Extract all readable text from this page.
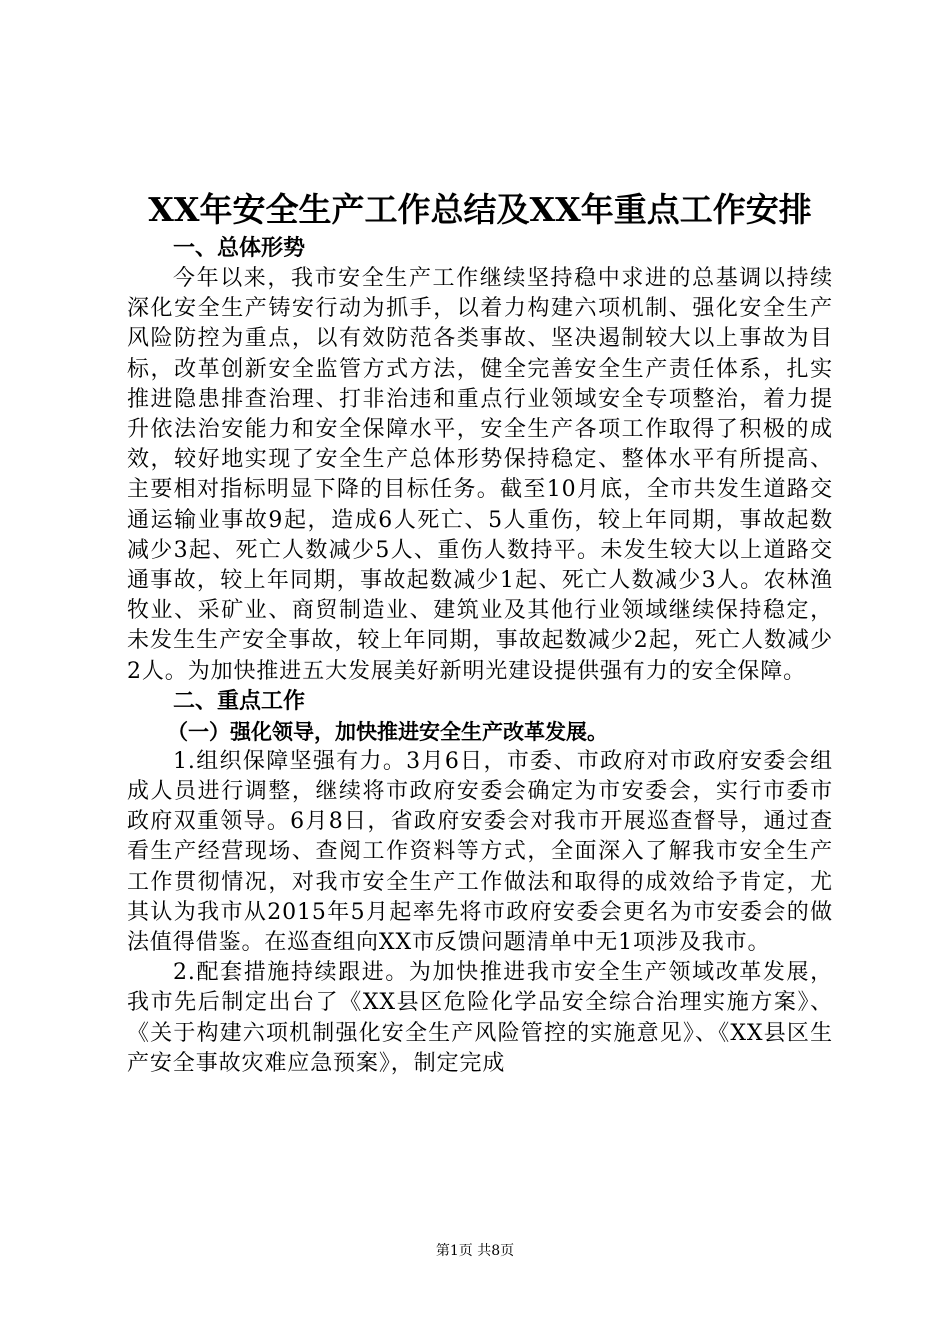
XX年安全生产工作总结及XX年重点工作安排
一、总体形势

今年以来，我市安全生产工作继续坚持稳中求进的总基调以持续深化安全生产铸安行动为抓手，以着力构建六项机制、强化安全生产风险防控为重点，以有效防范各类事故、坚决遏制较大以上事故为目标，改革创新安全监管方式方法，健全完善安全生产责任体系，扎实推进隐患排查治理、打非治违和重点行业领域安全专项整治，着力提升依法治安能力和安全保障水平，安全生产各项工作取得了积极的成效，较好地实现了安全生产总体形势保持稳定、整体水平有所提高、主要相对指标明显下降的目标任务。截至10月底，全市共发生道路交通运输业事故9起，造成6人死亡、5人重伤，较上年同期，事故起数减少3起、死亡人数减少5人、重伤人数持平。未发生较大以上道路交通事故，较上年同期，事故起数减少1起、死亡人数减少3人。农林渔牧业、采矿业、商贸制造业、建筑业及其他行业领域继续保持稳定，未发生生产安全事故，较上年同期，事故起数减少2起，死亡人数减少2人。为加快推进五大发展美好新明光建设提供强有力的安全保障。

二、重点工作
（一）强化领导，加快推进安全生产改革发展。

1.组织保障坚强有力。3月6日，市委、市政府对市政府安委会组成人员进行调整，继续将市政府安委会确定为市安委会，实行市委市政府双重领导。6月8日，省政府安委会对我市开展巡查督导，通过查看生产经营现场、查阅工作资料等方式，全面深入了解我市安全生产工作贯彻情况，对我市安全生产工作做法和取得的成效给予肯定，尤其认为我市从2015年5月起率先将市政府安委会更名为市安委会的做法值得借鉴。在巡查组向XX市反馈问题清单中无1项涉及我市。

2.配套措施持续跟进。为加快推进我市安全生产领域改革发展，我市先后制定出台了《XX县区危险化学品安全综合治理实施方案》、《关于构建六项机制强化安全生产风险管控的实施意见》、《XX县区生产安全事故灾难应急预案》，制定完成

第1页 共8页
